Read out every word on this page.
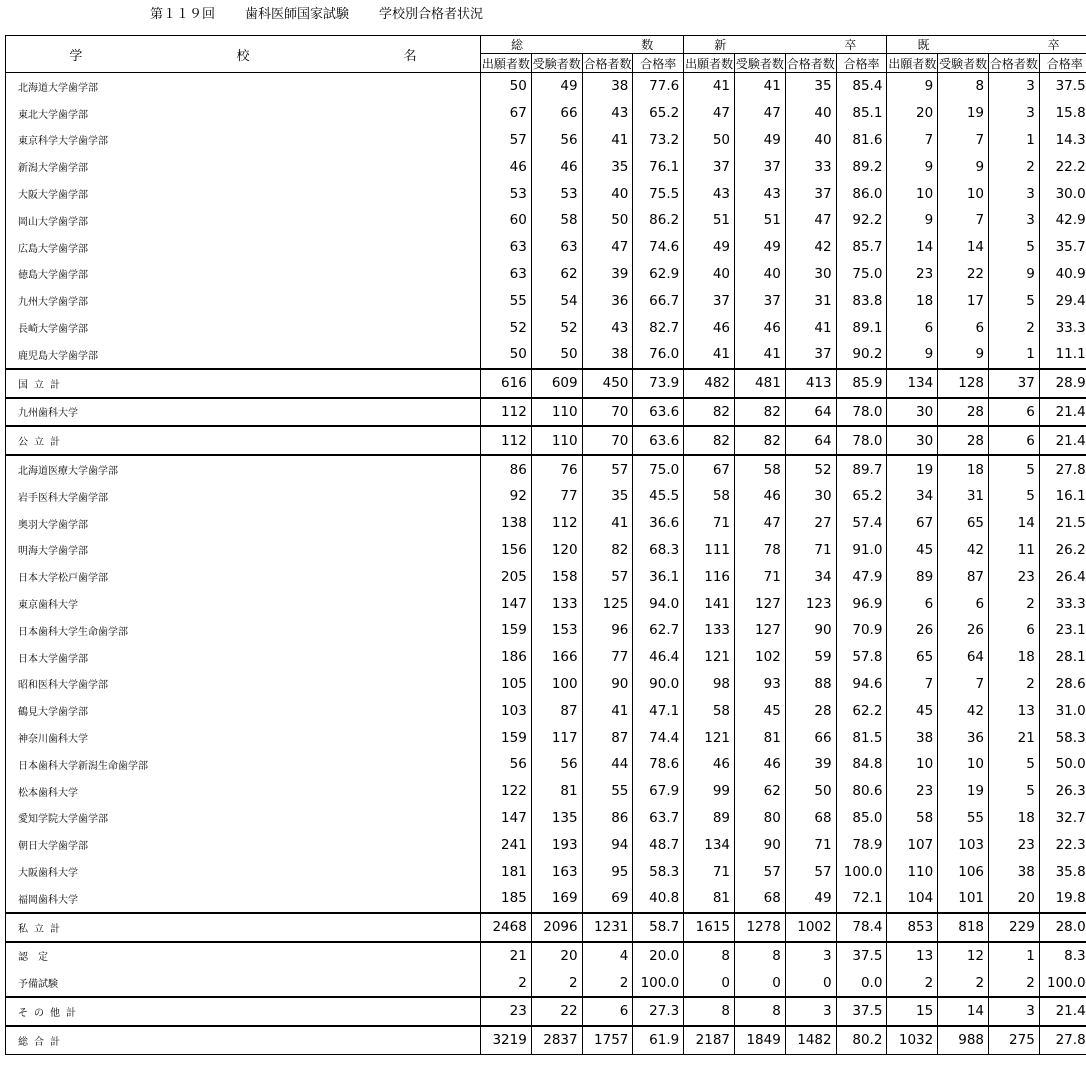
第１１９回 歯科医師国家試験 学校別合格者状況
学 校 名	総 数				新 卒				既 卒			

	出願者数	受験者数	合格者数	合格率	出願者数	受験者数	合格者数	合格率	出願者数	受験者数	合格者数	合格率
北海道大学歯学部	50	49	38	77.6	41	41	35	85.4	9	8	3	37.5
東北大学歯学部	67	66	43	65.2	47	47	40	85.1	20	19	3	15.8
東京科学大学歯学部	57	56	41	73.2	50	49	40	81.6	7	7	1	14.3
新潟大学歯学部	46	46	35	76.1	37	37	33	89.2	9	9	2	22.2
大阪大学歯学部	53	53	40	75.5	43	43	37	86.0	10	10	3	30.0
岡山大学歯学部	60	58	50	86.2	51	51	47	92.2	9	7	3	42.9
広島大学歯学部	63	63	47	74.6	49	49	42	85.7	14	14	5	35.7
徳島大学歯学部	63	62	39	62.9	40	40	30	75.0	23	22	9	40.9
九州大学歯学部	55	54	36	66.7	37	37	31	83.8	18	17	5	29.4
長崎大学歯学部	52	52	43	82.7	46	46	41	89.1	6	6	2	33.3
鹿児島大学歯学部	50	50	38	76.0	41	41	37	90.2	9	9	1	11.1
国立計	616	609	450	73.9	482	481	413	85.9	134	128	37	28.9
九州歯科大学	112	110	70	63.6	82	82	64	78.0	30	28	6	21.4
公立計	112	110	70	63.6	82	82	64	78.0	30	28	6	21.4
北海道医療大学歯学部	86	76	57	75.0	67	58	52	89.7	19	18	5	27.8
岩手医科大学歯学部	92	77	35	45.5	58	46	30	65.2	34	31	5	16.1
奥羽大学歯学部	138	112	41	36.6	71	47	27	57.4	67	65	14	21.5
明海大学歯学部	156	120	82	68.3	111	78	71	91.0	45	42	11	26.2
日本大学松戸歯学部	205	158	57	36.1	116	71	34	47.9	89	87	23	26.4
東京歯科大学	147	133	125	94.0	141	127	123	96.9	6	6	2	33.3
日本歯科大学生命歯学部	159	153	96	62.7	133	127	90	70.9	26	26	6	23.1
日本大学歯学部	186	166	77	46.4	121	102	59	57.8	65	64	18	28.1
昭和医科大学歯学部	105	100	90	90.0	98	93	88	94.6	7	7	2	28.6
鶴見大学歯学部	103	87	41	47.1	58	45	28	62.2	45	42	13	31.0
神奈川歯科大学	159	117	87	74.4	121	81	66	81.5	38	36	21	58.3
日本歯科大学新潟生命歯学部	56	56	44	78.6	46	46	39	84.8	10	10	5	50.0
松本歯科大学	122	81	55	67.9	99	62	50	80.6	23	19	5	26.3
愛知学院大学歯学部	147	135	86	63.7	89	80	68	85.0	58	55	18	32.7
朝日大学歯学部	241	193	94	48.7	134	90	71	78.9	107	103	23	22.3
大阪歯科大学	181	163	95	58.3	71	57	57	100.0	110	106	38	35.8
福岡歯科大学	185	169	69	40.8	81	68	49	72.1	104	101	20	19.8
私立計	2468	2096	1231	58.7	1615	1278	1002	78.4	853	818	229	28.0
認定	21	20	4	20.0	8	8	3	37.5	13	12	1	8.3
予備試験	2	2	2	100.0	0	0	0	0.0	2	2	2	100.0
その他計	23	22	6	27.3	8	8	3	37.5	15	14	3	21.4
総合計	3219	2837	1757	61.9	2187	1849	1482	80.2	1032	988	275	27.8
